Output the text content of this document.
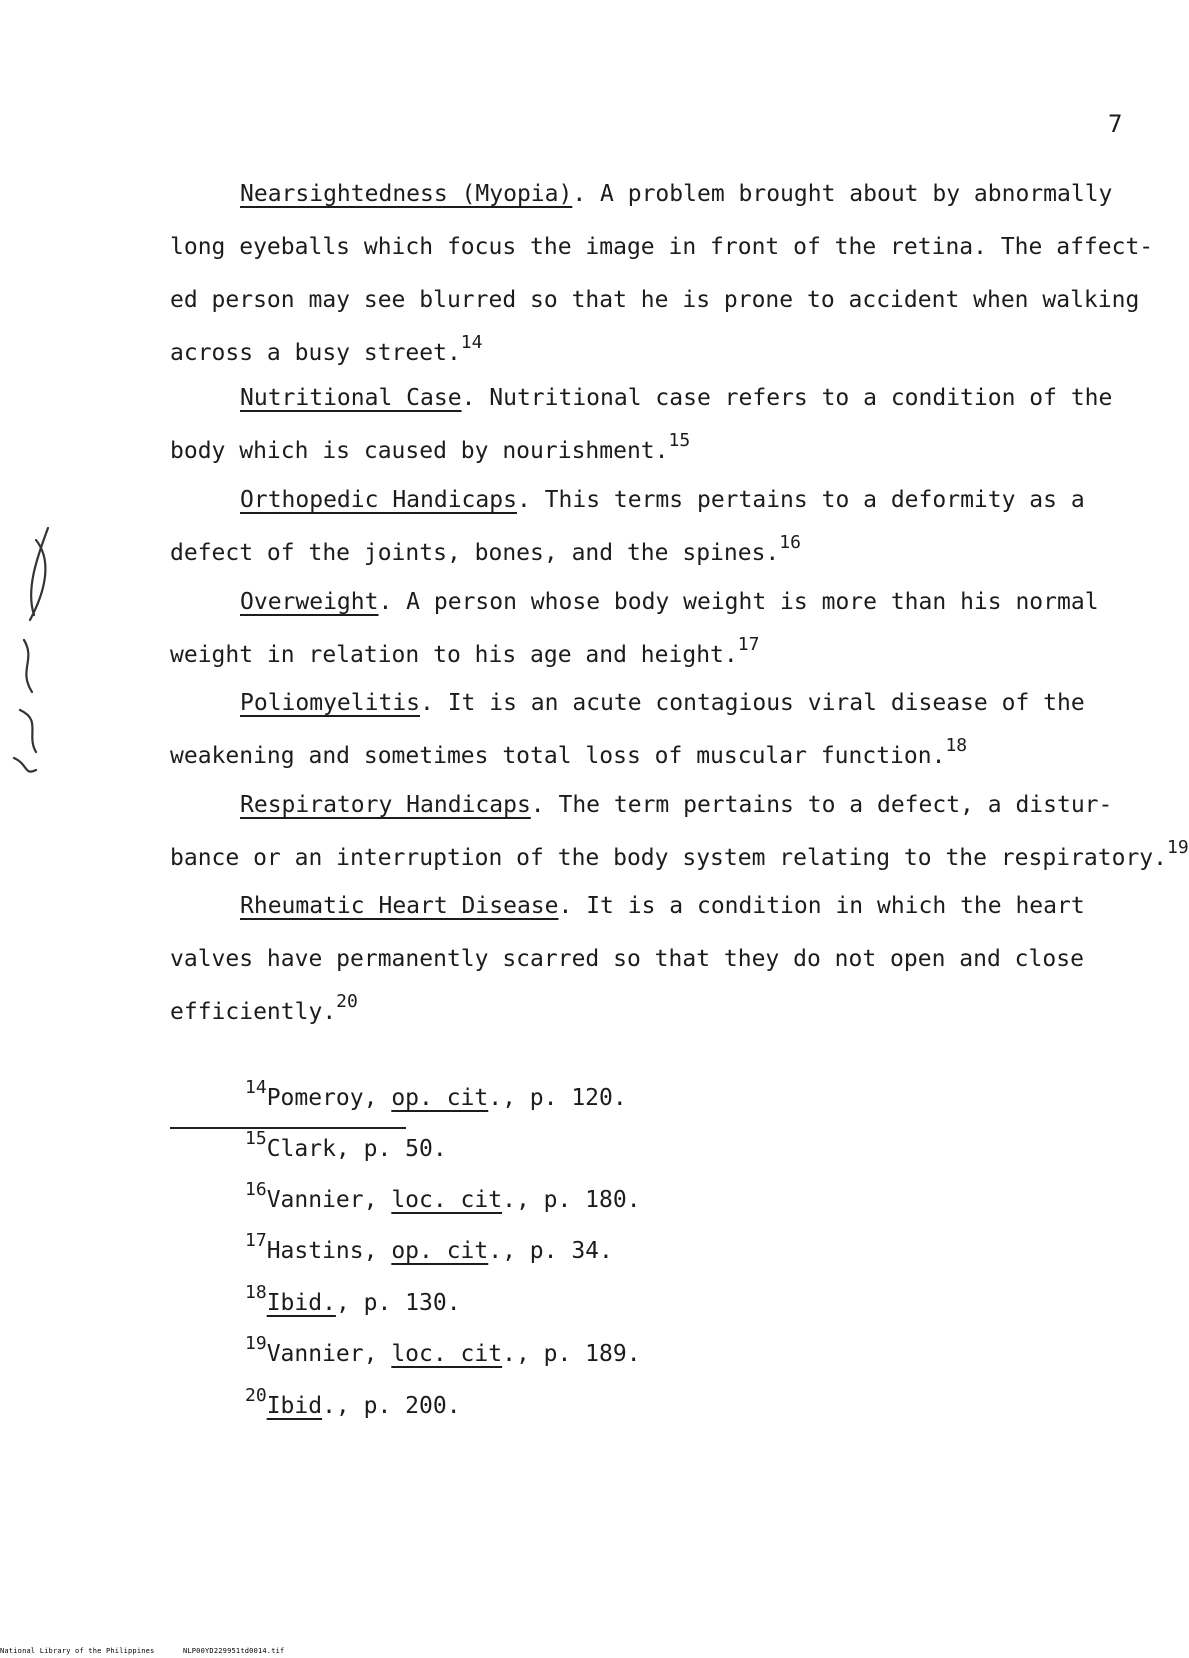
7
Nearsightedness (Myopia). A problem brought about by abnormally
long eyeballs which focus the image in front of the retina. The affect-
ed person may see blurred so that he is prone to accident when walking
across a busy street.$^{14}$
Nutritional Case. Nutritional case refers to a condition of the
body which is caused by nourishment.$^{15}$
Orthopedic Handicaps. This terms pertains to a deformity as a
defect of the joints, bones, and the spines.$^{16}$
Overweight. A person whose body weight is more than his normal
weight in relation to his age and height.$^{17}$
Poliomyelitis. It is an acute contagious viral disease of the
weakening and sometimes total loss of muscular function.$^{18}$
Respiratory Handicaps. The term pertains to a defect, a distur-
bance or an interruption of the body system relating to the respiratory.$^{19}$
Rheumatic Heart Disease. It is a condition in which the heart
valves have permanently scarred so that they do not open and close
efficiently.$^{20}$
$^{14}$Pomeroy, op. cit., p. 120.
$^{15}$Clark, p. 50.
$^{16}$Vannier, loc. cit., p. 180.
$^{17}$Hastins, op. cit., p. 34.
$^{18}$Ibid., p. 130.
$^{19}$Vannier, loc. cit., p. 189.
$^{20}$Ibid., p. 200.
National Library of the Philippines	NLP00YD229951td0014.tif
